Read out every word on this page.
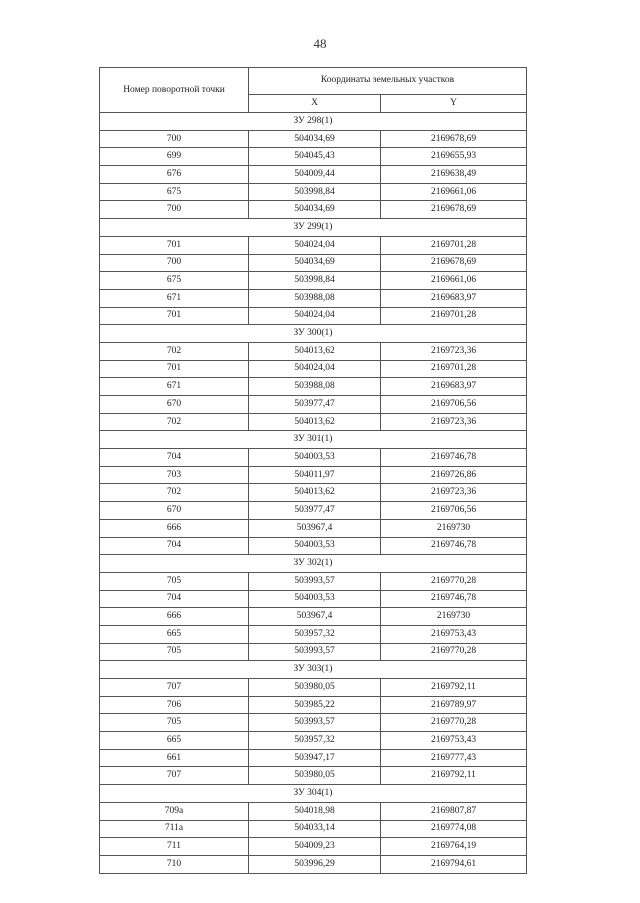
48
Номер поворотной точки	Координаты земельных участков	
	X	Y
ЗУ 298(1)		
700	504034,69	2169678,69
699	504045,43	2169655,93
676	504009,44	2169638,49
675	503998,84	2169661,06
700	504034,69	2169678,69
ЗУ 299(1)		
701	504024,04	2169701,28
700	504034,69	2169678,69
675	503998,84	2169661,06
671	503988,08	2169683,97
701	504024,04	2169701,28
ЗУ 300(1)		
702	504013,62	2169723,36
701	504024,04	2169701,28
671	503988,08	2169683,97
670	503977,47	2169706,56
702	504013,62	2169723,36
ЗУ 301(1)		
704	504003,53	2169746,78
703	504011,97	2169726,86
702	504013,62	2169723,36
670	503977,47	2169706,56
666	503967,4	2169730
704	504003,53	2169746,78
ЗУ 302(1)		
705	503993,57	2169770,28
704	504003,53	2169746,78
666	503967,4	2169730
665	503957,32	2169753,43
705	503993,57	2169770,28
ЗУ 303(1)		
707	503980,05	2169792,11
706	503985,22	2169789,97
705	503993,57	2169770,28
665	503957,32	2169753,43
661	503947,17	2169777,43
707	503980,05	2169792,11
ЗУ 304(1)		
709а	504018,98	2169807,87
711а	504033,14	2169774,08
711	504009,23	2169764,19
710	503996,29	2169794,61
